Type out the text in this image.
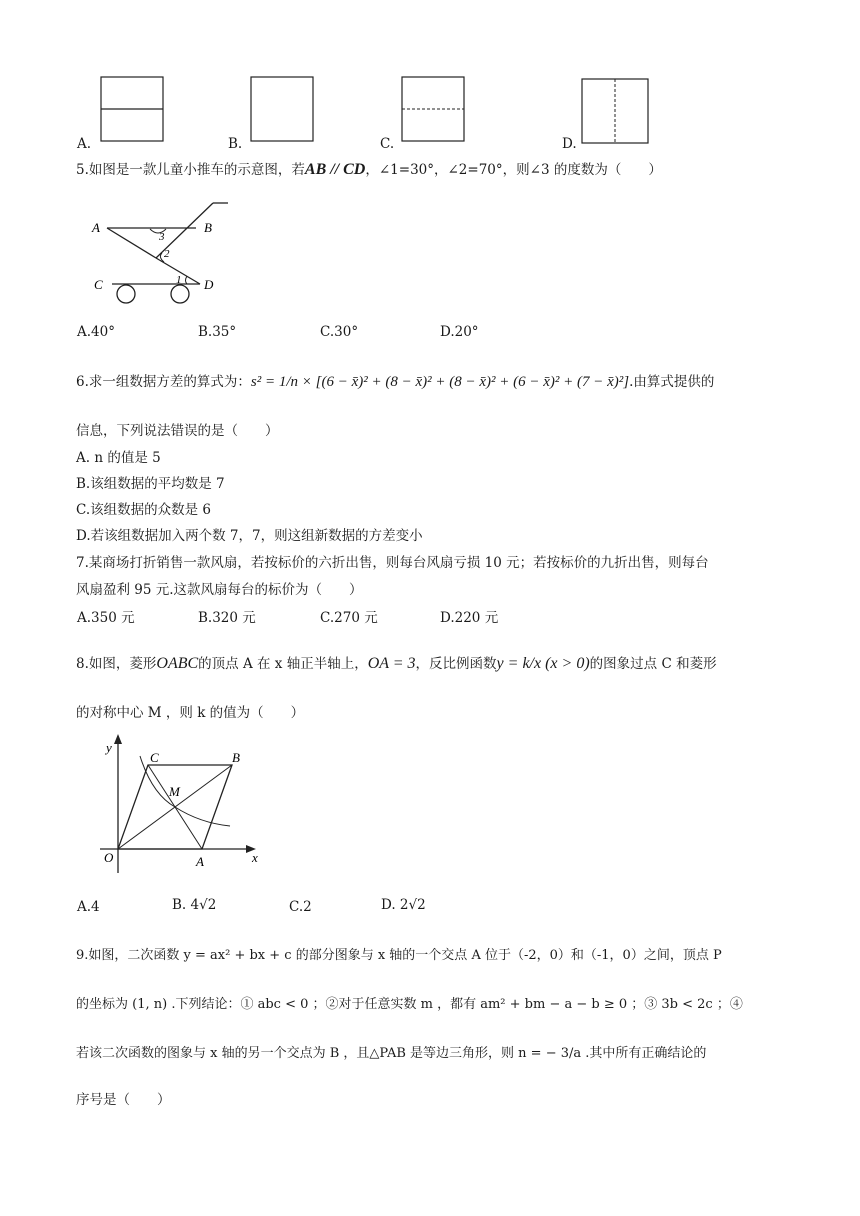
A.	B.	C.	D.
5.如图是一款儿童小推车的示意图，若AB // CD，∠1=30°，∠2=70°，则∠3 的度数为（　　）
A	B
C	D
3
2
1
A.40°	B.35°	C.30°	D.20°
6.求一组数据方差的算式为：s² = 1/n × [(6 − x̄)² + (8 − x̄)² + (8 − x̄)² + (6 − x̄)² + (7 − x̄)²].由算式提供的
信息，下列说法错误的是（　　）
A. n 的值是 5
B.该组数据的平均数是 7
C.该组数据的众数是 6
D.若该组数据加入两个数 7，7，则这组新数据的方差变小
7.某商场打折销售一款风扇，若按标价的六折出售，则每台风扇亏损 10 元；若按标价的九折出售，则每台
风扇盈利 95 元.这款风扇每台的标价为（　　）
A.350 元	B.320 元	C.270 元	D.220 元
8.如图，菱形OABC的顶点 A 在 x 轴正半轴上，OA = 3，反比例函数y = k/x (x > 0)的图象过点 C 和菱形
的对称中心 M ，则 k 的值为（　　）
y
x
O	A
B
C
M
A.4	B. 4√2	C.2	D. 2√2
9.如图，二次函数 y = ax² + bx + c 的部分图象与 x 轴的一个交点 A 位于（-2，0）和（-1，0）之间，顶点 P
的坐标为 (1, n) .下列结论：① abc < 0 ；②对于任意实数 m ，都有 am² + bm − a − b ≥ 0 ；③ 3b < 2c ；④
若该二次函数的图象与 x 轴的另一个交点为 B ，且△PAB 是等边三角形，则 n = − 3/a .其中所有正确结论的
序号是（　　）
